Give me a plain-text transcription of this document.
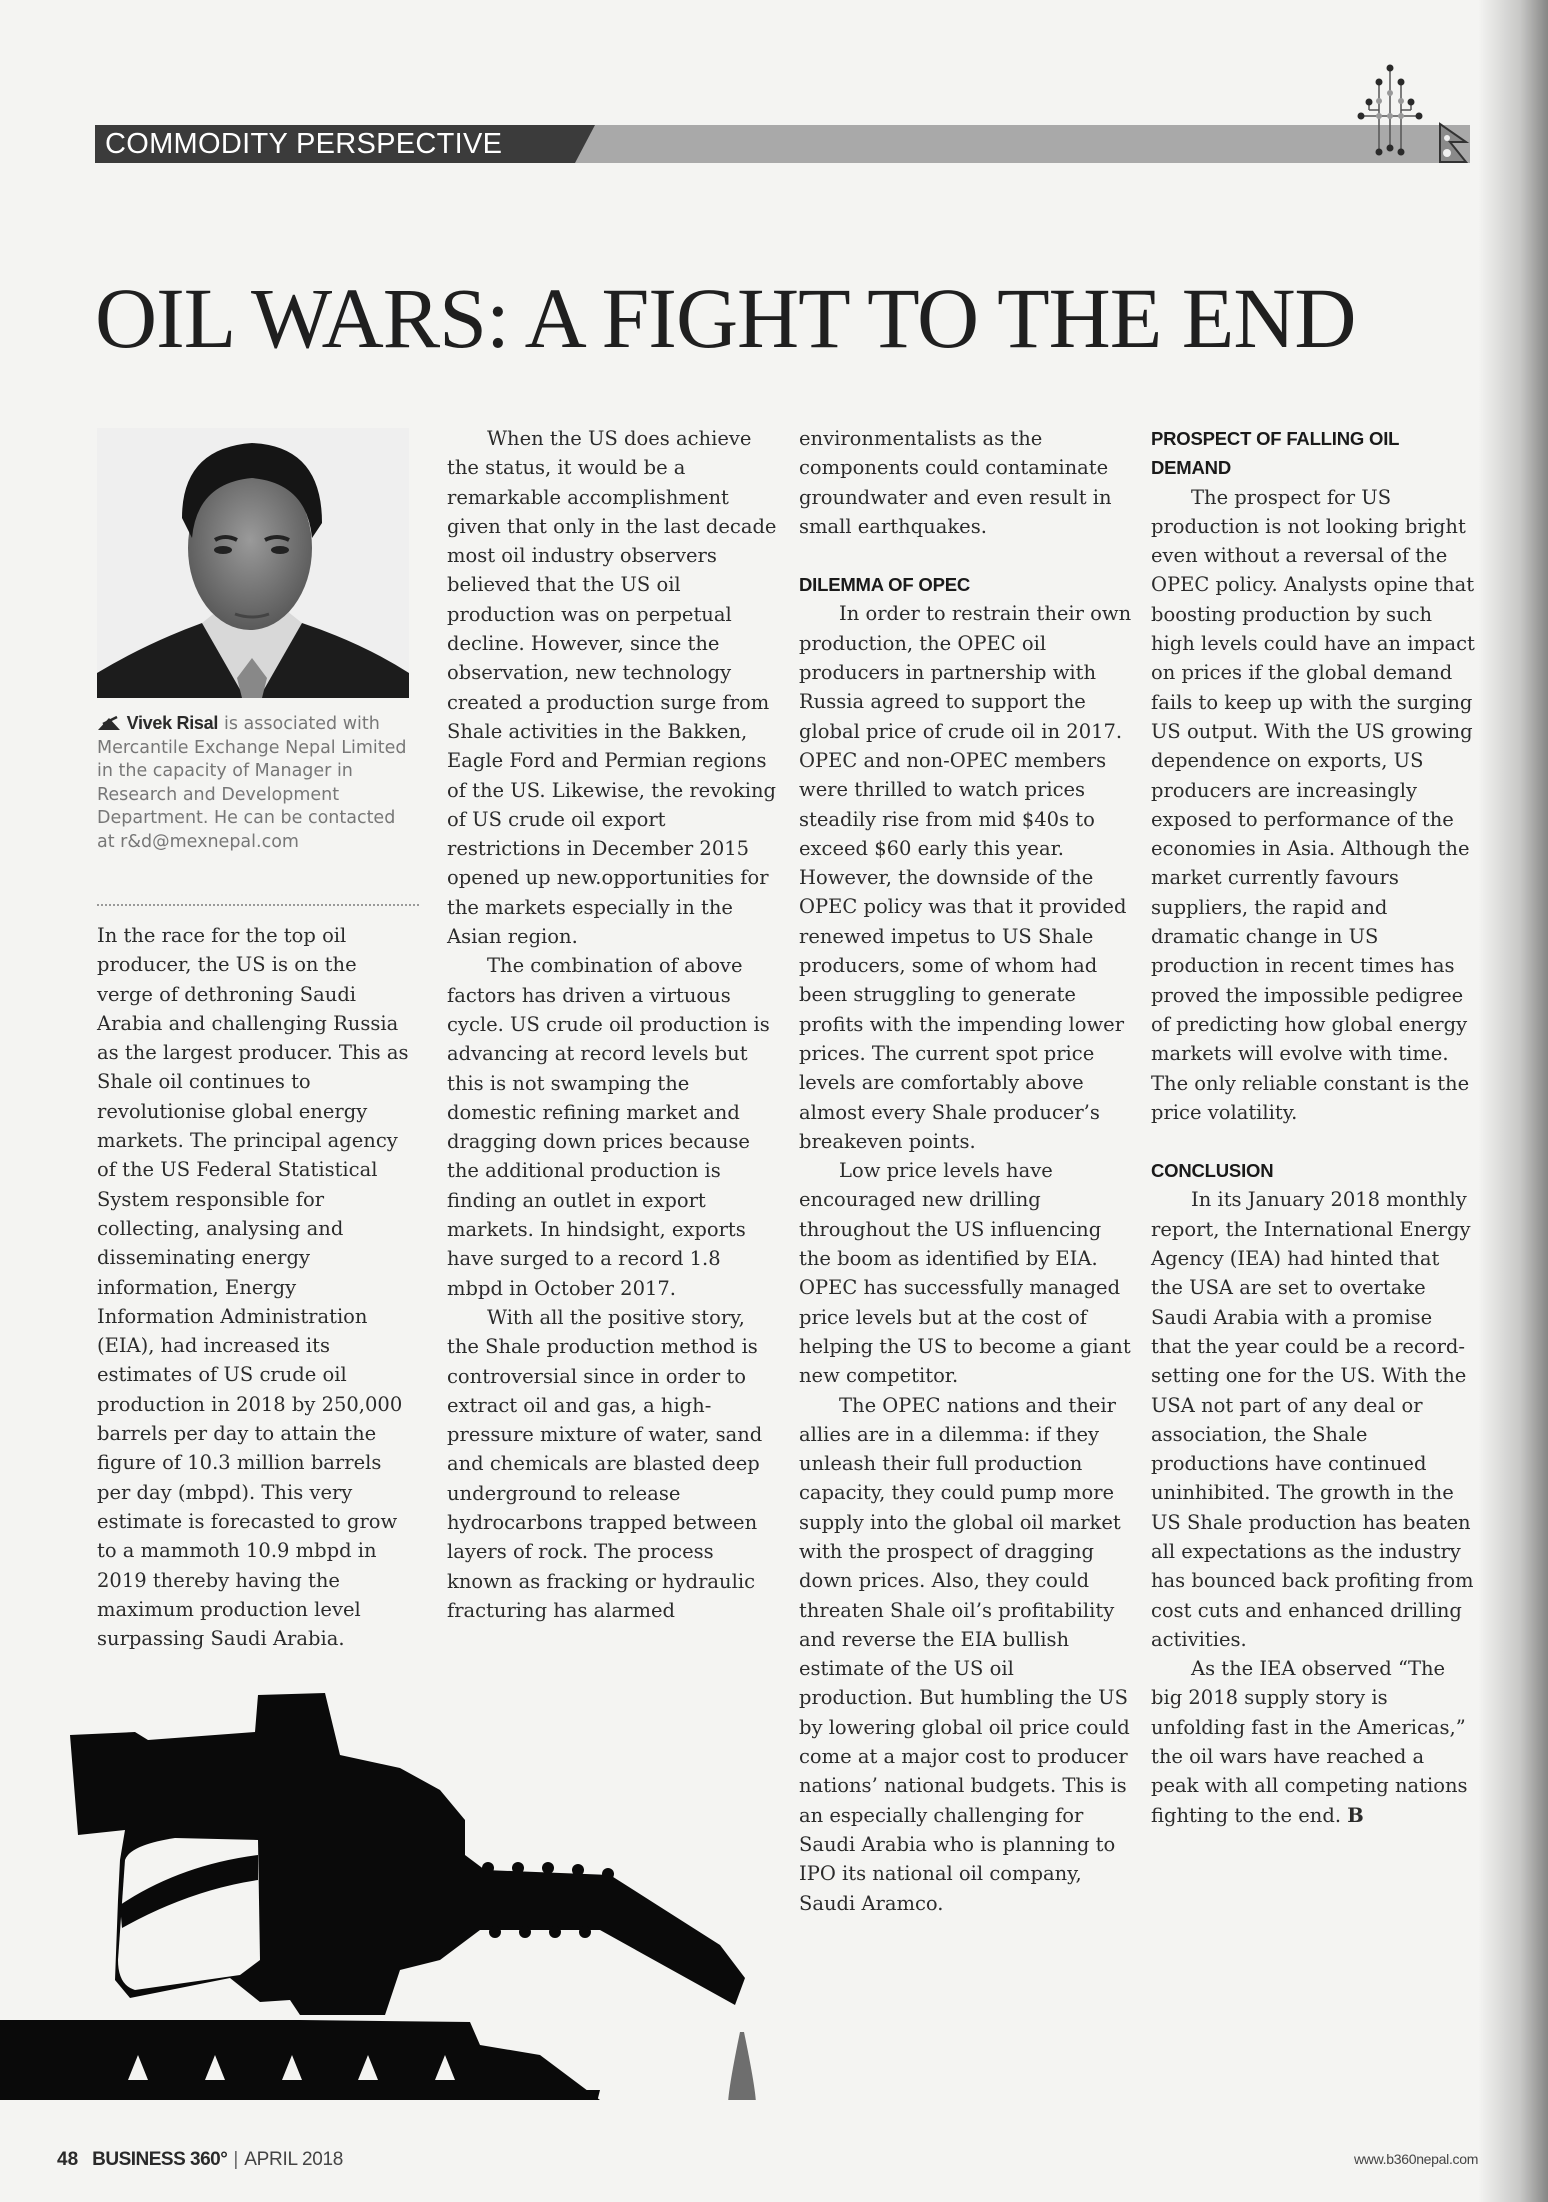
COMMODITY PERSPECTIVE
OIL WARS: A FIGHT TO THE END
Vivek Risal is associated with Mercantile Exchange Nepal Limited in the capacity of Manager in Research and Development Department. He can be contacted at r&d@mexnepal.com

In the race for the top oil producer, the US is on the verge of dethroning Saudi Arabia and challenging Russia as the largest producer. This as Shale oil continues to revolutionise global energy markets. The principal agency of the US Federal Statistical System responsible for collecting, analysing and disseminating energy information, Energy Information Administration (EIA), had increased its estimates of US crude oil production in 2018 by 250,000 barrels per day to attain the figure of 10.3 million barrels per day (mbpd). This very estimate is forecasted to grow to a mammoth 10.9 mbpd in 2019 thereby having the maximum production level surpassing Saudi Arabia.

When the US does achieve the status, it would be a remarkable accomplishment given that only in the last decade most oil industry observers believed that the US oil production was on perpetual decline. However, since the observation, new technology created a production surge from Shale activities in the Bakken, Eagle Ford and Permian regions of the US. Likewise, the revoking of US crude oil export restrictions in December 2015 opened up new.opportunities for the markets especially in the Asian region.

The combination of above factors has driven a virtuous cycle. US crude oil production is advancing at record levels but this is not swamping the domestic refining market and dragging down prices because the additional production is finding an outlet in export markets. In hindsight, exports have surged to a record 1.8 mbpd in October 2017.

With all the positive story, the Shale production method is controversial since in order to extract oil and gas, a high-pressure mixture of water, sand and chemicals are blasted deep underground to release hydrocarbons trapped between layers of rock. The process known as fracking or hydraulic fracturing has alarmed

environmentalists as the components could contaminate groundwater and even result in small earthquakes.

DILEMMA OF OPEC

In order to restrain their own production, the OPEC oil producers in partnership with Russia agreed to support the global price of crude oil in 2017. OPEC and non-OPEC members were thrilled to watch prices steadily rise from mid $40s to exceed $60 early this year. However, the downside of the OPEC policy was that it provided renewed impetus to US Shale producers, some of whom had been struggling to generate profits with the impending lower prices. The current spot price levels are comfortably above almost every Shale producer’s breakeven points.

Low price levels have encouraged new drilling throughout the US influencing the boom as identified by EIA. OPEC has successfully managed price levels but at the cost of helping the US to become a giant new competitor.

The OPEC nations and their allies are in a dilemma: if they unleash their full production capacity, they could pump more supply into the global oil market with the prospect of dragging down prices. Also, they could threaten Shale oil’s profitability and reverse the EIA bullish estimate of the US oil production. But humbling the US by lowering global oil price could come at a major cost to producer nations’ national budgets. This is an especially challenging for Saudi Arabia who is planning to IPO its national oil company, Saudi Aramco.

PROSPECT OF FALLING OIL DEMAND

The prospect for US production is not looking bright even without a reversal of the OPEC policy. Analysts opine that boosting production by such high levels could have an impact on prices if the global demand fails to keep up with the surging US output. With the US growing dependence on exports, US producers are increasingly exposed to performance of the economies in Asia. Although the market currently favours suppliers, the rapid and dramatic change in US production in recent times has proved the impossible pedigree of predicting how global energy markets will evolve with time. The only reliable constant is the price volatility.

CONCLUSION

In its January 2018 monthly report, the International Energy Agency (IEA) had hinted that the USA are set to overtake Saudi Arabia with a promise that the year could be a record-setting one for the US. With the USA not part of any deal or association, the Shale productions have continued uninhibited. The growth in the US Shale production has beaten all expectations as the industry has bounced back profiting from cost cuts and enhanced drilling activities.

As the IEA observed “The big 2018 supply story is unfolding fast in the Americas,” the oil wars have reached a peak with all competing nations fighting to the end. B

48 BUSINESS 360° | APRIL 2018	www.b360nepal.com
